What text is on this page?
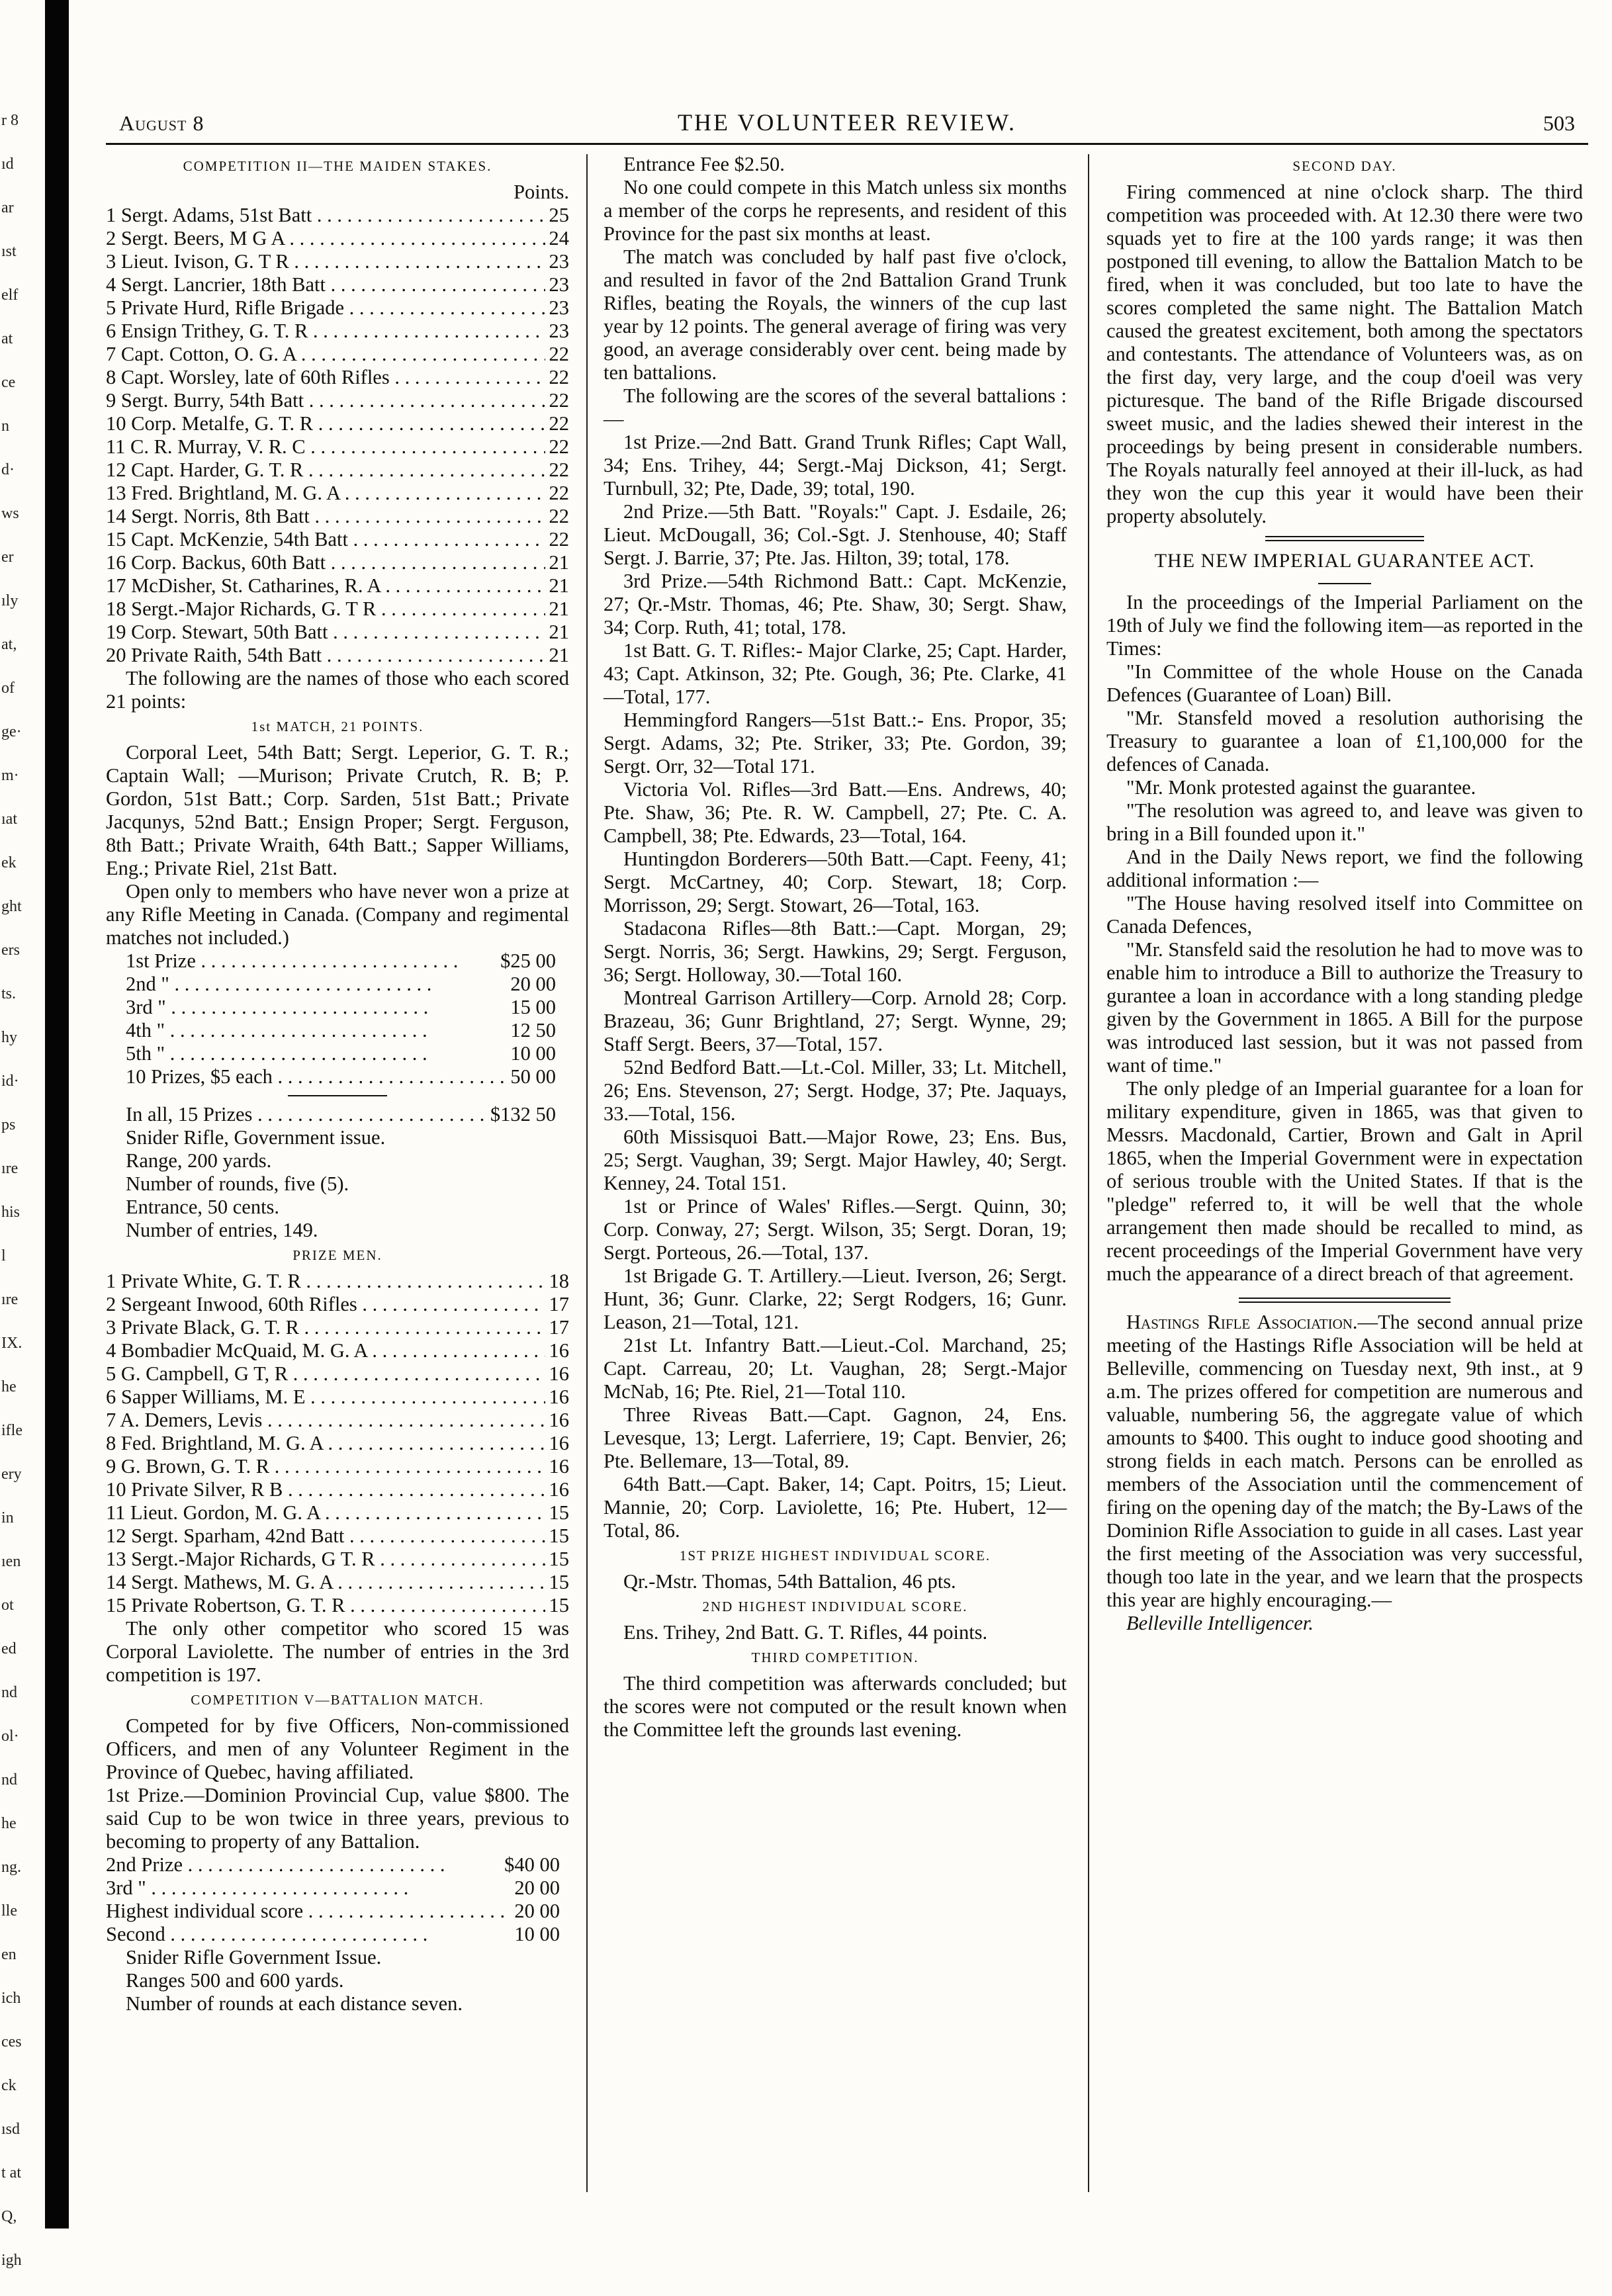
r 8
ıd
ar
ıst
elf
at
ce
n
d·
ws
er
ıly
at,
of
ge·
m·
ıat
ek
ght
ers
ts.
hy
id·
ps
ıre
his
l
ıre
IX.
he
ifle
ery
in
ıen
ot
ed
nd
ol·
nd
he
ng.
lle
en
ich
ces
ck
ısd
t at
Q,
igh
August 8	THE VOLUNTEER REVIEW.	503
COMPETITION II—THE MAIDEN STAKES.
Points.
1 Sergt. Adams, 51st Batt . . .	25
2 Sergt. Beers, M G A . . .	24
3 Lieut. Ivison, G. T R . . .	23
4 Sergt. Lancrier, 18th Batt . . .	23
5 Private Hurd, Rifle Brigade . . .	23
6 Ensign Trithey, G. T. R . . .	23
7 Capt. Cotton, O. G. A . . .	22
8 Capt. Worsley, late of 60th Rifles . . .	22
9 Sergt. Burry, 54th Batt . . .	22
10 Corp. Metalfe, G. T. R . . .	22
11 C. R. Murray, V. R. C . . .	22
12 Capt. Harder, G. T. R . . .	22
13 Fred. Brightland, M. G. A . . .	22
14 Sergt. Norris, 8th Batt . . .	22
15 Capt. McKenzie, 54th Batt . . .	22
16 Corp. Backus, 60th Batt . . .	21
17 McDisher, St. Catharines, R. A . . .	21
18 Sergt.-Major Richards, G. T R . . .	21
19 Corp. Stewart, 50th Batt . . .	21
20 Private Raith, 54th Batt . . .	21

The following are the names of those who each scored 21 points:

1st MATCH, 21 POINTS.

Corporal Leet, 54th Batt; Sergt. Leperior, G. T. R.; Captain Wall; —Murison; Private Crutch, R. B; P. Gordon, 51st Batt.; Corp. Sarden, 51st Batt.; Private Jacqunys, 52nd Batt.; Ensign Proper; Sergt. Ferguson, 8th Batt.; Private Wraith, 64th Batt.; Sapper Williams, Eng.; Private Riel, 21st Batt.

Open only to members who have never won a prize at any Rifle Meeting in Canada. (Company and regimental matches not included.)

1st Prize . . .	$25 00
2nd " . . .	20 00
3rd " . . .	15 00
4th " . . .	12 50
5th " . . .	10 00
10 Prizes, $5 each . . .	50 00
In all, 15 Prizes . . .	$132 50
Snider Rifle, Government issue.
Range, 200 yards.
Number of rounds, five (5).
Entrance, 50 cents.
Number of entries, 149.
PRIZE MEN.
1 Private White, G. T. R . . .	18
2 Sergeant Inwood, 60th Rifles . . .	17
3 Private Black, G. T. R . . .	17
4 Bombadier McQuaid, M. G. A . . .	16
5 G. Campbell, G T, R . . .	16
6 Sapper Williams, M. E . . .	16
7 A. Demers, Levis . . .	16
8 Fed. Brightland, M. G. A . . .	16
9 G. Brown, G. T. R . . .	16
10 Private Silver, R B . . .	16
11 Lieut. Gordon, M. G. A . . .	15
12 Sergt. Sparham, 42nd Batt . . .	15
13 Sergt.-Major Richards, G T. R . . .	15
14 Sergt. Mathews, M. G. A . . .	15
15 Private Robertson, G. T. R . . .	15

The only other competitor who scored 15 was Corporal Laviolette. The number of entries in the 3rd competition is 197.

COMPETITION V—BATTALION MATCH.

Competed for by five Officers, Non-commissioned Officers, and men of any Volunteer Regiment in the Province of Quebec, having affiliated.

1st Prize.—Dominion Provincial Cup, value $800. The said Cup to be won twice in three years, previous to becoming to property of any Battalion.

2nd Prize . . .	$40 00
3rd " . . .	20 00
Highest individual score . . .	20 00
Second . . .	10 00
Snider Rifle Government Issue.
Ranges 500 and 600 yards.
Number of rounds at each distance seven.

Entrance Fee $2.50.

No one could compete in this Match unless six months a member of the corps he represents, and resident of this Province for the past six months at least.

The match was concluded by half past five o'clock, and resulted in favor of the 2nd Battalion Grand Trunk Rifles, beating the Royals, the winners of the cup last year by 12 points. The general average of firing was very good, an average considerably over cent. being made by ten battalions.

The following are the scores of the several battalions :—

1st Prize.—2nd Batt. Grand Trunk Rifles; Capt Wall, 34; Ens. Trihey, 44; Sergt.-Maj Dickson, 41; Sergt. Turnbull, 32; Pte, Dade, 39; total, 190.

2nd Prize.—5th Batt. "Royals:" Capt. J. Esdaile, 26; Lieut. McDougall, 36; Col.-Sgt. J. Stenhouse, 40; Staff Sergt. J. Barrie, 37; Pte. Jas. Hilton, 39; total, 178.

3rd Prize.—54th Richmond Batt.: Capt. McKenzie, 27; Qr.-Mstr. Thomas, 46; Pte. Shaw, 30; Sergt. Shaw, 34; Corp. Ruth, 41; total, 178.

1st Batt. G. T. Rifles:- Major Clarke, 25; Capt. Harder, 43; Capt. Atkinson, 32; Pte. Gough, 36; Pte. Clarke, 41—Total, 177.

Hemmingford Rangers—51st Batt.:- Ens. Propor, 35; Sergt. Adams, 32; Pte. Striker, 33; Pte. Gordon, 39; Sergt. Orr, 32—Total 171.

Victoria Vol. Rifles—3rd Batt.—Ens. Andrews, 40; Pte. Shaw, 36; Pte. R. W. Campbell, 27; Pte. C. A. Campbell, 38; Pte. Edwards, 23—Total, 164.

Huntingdon Borderers—50th Batt.—Capt. Feeny, 41; Sergt. McCartney, 40; Corp. Stewart, 18; Corp. Morrisson, 29; Sergt. Stowart, 26—Total, 163.

Stadacona Rifles—8th Batt.:—Capt. Morgan, 29; Sergt. Norris, 36; Sergt. Hawkins, 29; Sergt. Ferguson, 36; Sergt. Holloway, 30.—Total 160.

Montreal Garrison Artillery—Corp. Arnold 28; Corp. Brazeau, 36; Gunr Brightland, 27; Sergt. Wynne, 29; Staff Sergt. Beers, 37—Total, 157.

52nd Bedford Batt.—Lt.-Col. Miller, 33; Lt. Mitchell, 26; Ens. Stevenson, 27; Sergt. Hodge, 37; Pte. Jaquays, 33.—Total, 156.

60th Missisquoi Batt.—Major Rowe, 23; Ens. Bus, 25; Sergt. Vaughan, 39; Sergt. Major Hawley, 40; Sergt. Kenney, 24. Total 151.

1st or Prince of Wales' Rifles.—Sergt. Quinn, 30; Corp. Conway, 27; Sergt. Wilson, 35; Sergt. Doran, 19; Sergt. Porteous, 26.—Total, 137.

1st Brigade G. T. Artillery.—Lieut. Iverson, 26; Sergt. Hunt, 36; Gunr. Clarke, 22; Sergt Rodgers, 16; Gunr. Leason, 21—Total, 121.

21st Lt. Infantry Batt.—Lieut.-Col. Marchand, 25; Capt. Carreau, 20; Lt. Vaughan, 28; Sergt.-Major McNab, 16; Pte. Riel, 21—Total 110.

Three Riveas Batt.—Capt. Gagnon, 24, Ens. Levesque, 13; Lergt. Laferriere, 19; Capt. Benvier, 26; Pte. Bellemare, 13—Total, 89.

64th Batt.—Capt. Baker, 14; Capt. Poitrs, 15; Lieut. Mannie, 20; Corp. Laviolette, 16; Pte. Hubert, 12—Total, 86.

1ST PRIZE HIGHEST INDIVIDUAL SCORE.

Qr.-Mstr. Thomas, 54th Battalion, 46 pts.

2ND HIGHEST INDIVIDUAL SCORE.

Ens. Trihey, 2nd Batt. G. T. Rifles, 44 points.

THIRD COMPETITION.

The third competition was afterwards concluded; but the scores were not computed or the result known when the Committee left the grounds last evening.

SECOND DAY.

Firing commenced at nine o'clock sharp. The third competition was proceeded with. At 12.30 there were two squads yet to fire at the 100 yards range; it was then postponed till evening, to allow the Battalion Match to be fired, when it was concluded, but too late to have the scores completed the same night. The Battalion Match caused the greatest excitement, both among the spectators and contestants. The attendance of Volunteers was, as on the first day, very large, and the coup d'oeil was very picturesque. The band of the Rifle Brigade discoursed sweet music, and the ladies shewed their interest in the proceedings by being present in considerable numbers. The Royals naturally feel annoyed at their ill-luck, as had they won the cup this year it would have been their property absolutely.

THE NEW IMPERIAL GUARANTEE ACT.

In the proceedings of the Imperial Parliament on the 19th of July we find the following item—as reported in the Times:

"In Committee of the whole House on the Canada Defences (Guarantee of Loan) Bill.

"Mr. Stansfeld moved a resolution authorising the Treasury to guarantee a loan of £1,100,000 for the defences of Canada.

"Mr. Monk protested against the guarantee.

"The resolution was agreed to, and leave was given to bring in a Bill founded upon it."

And in the Daily News report, we find the following additional information :—

"The House having resolved itself into Committee on Canada Defences,

"Mr. Stansfeld said the resolution he had to move was to enable him to introduce a Bill to authorize the Treasury to gurantee a loan in accordance with a long standing pledge given by the Government in 1865. A Bill for the purpose was introduced last session, but it was not passed from want of time."

The only pledge of an Imperial guarantee for a loan for military expenditure, given in 1865, was that given to Messrs. Macdonald, Cartier, Brown and Galt in April 1865, when the Imperial Government were in expectation of serious trouble with the United States. If that is the "pledge" referred to, it will be well that the whole arrangement then made should be recalled to mind, as recent proceedings of the Imperial Government have very much the appearance of a direct breach of that agreement.

Hastings Rifle Association.—The second annual prize meeting of the Hastings Rifle Association will be held at Belleville, commencing on Tuesday next, 9th inst., at 9 a.m. The prizes offered for competition are numerous and valuable, numbering 56, the aggregate value of which amounts to $400. This ought to induce good shooting and strong fields in each match. Persons can be enrolled as members of the Association until the commencement of firing on the opening day of the match; the By-Laws of the Dominion Rifle Association to guide in all cases. Last year the first meeting of the Association was very successful, though too late in the year, and we learn that the prospects this year are highly encouraging.—

Belleville Intelligencer.
